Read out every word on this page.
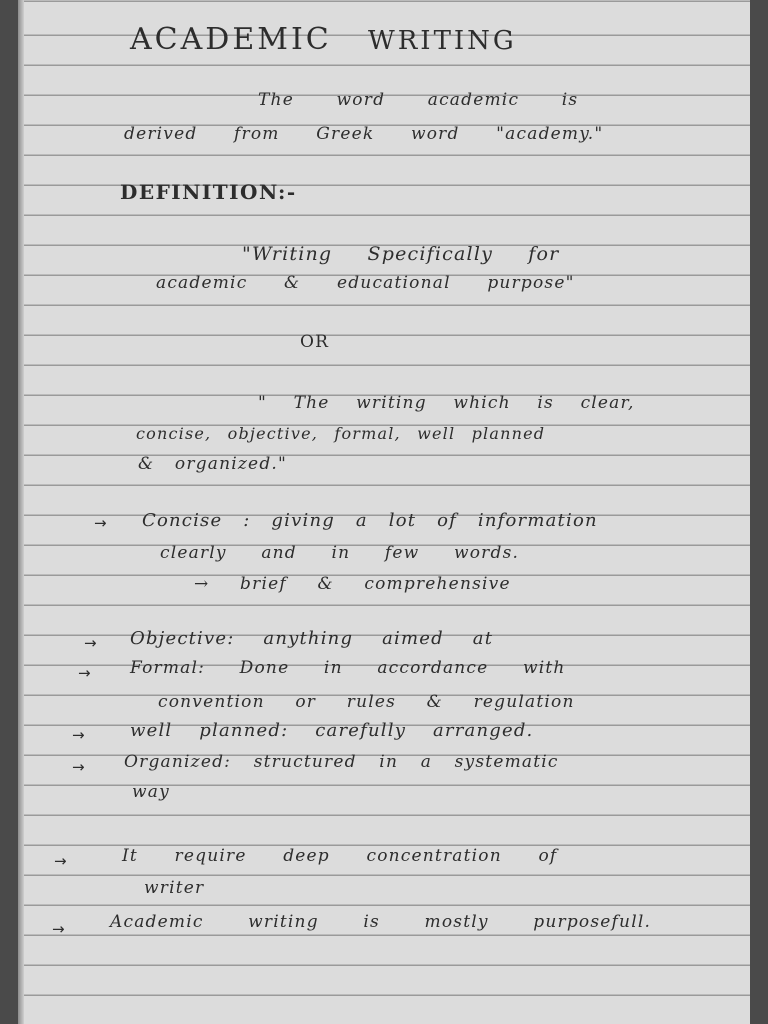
ACADEMIC WRITING
The word academic is
derived from Greek word "academy."
DEFINITION:-
"Writing Specifically for
academic & educational purpose"
OR
" The writing which is clear,
concise, objective, formal, well planned
& organized."
→ Concise : giving a lot of information
clearly and in few words.
→ brief & comprehensive
→ Objective: anything aimed at
→ Formal: Done in accordance with
convention or rules & regulation
→	well planned: carefully arranged.
→ Organized: structured in a systematic
way
→	It require deep concentration of
writer
→	Academic writing is mostly purposefull.
